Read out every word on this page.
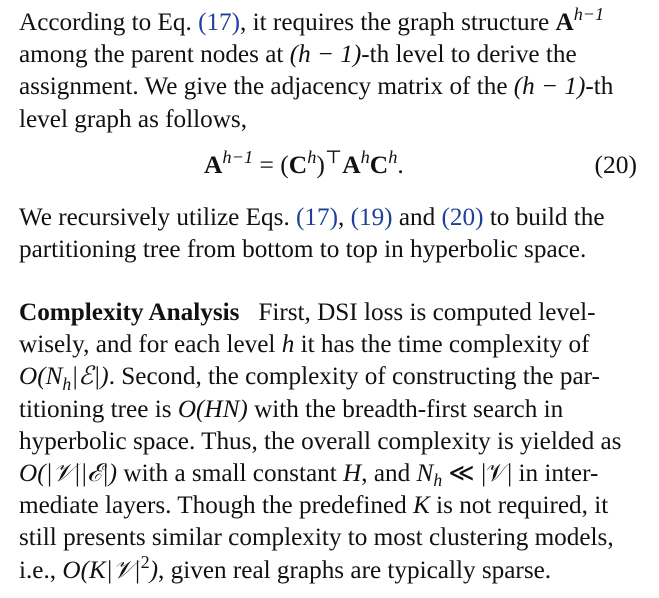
According to Eq. (17), it requires the graph structure $A^{h-1}$
among the parent nodes at (h − 1)-th level to derive the
assignment. We give the adjacency matrix of the (h − 1)-th
level graph as follows,
$A^{h-1} = (C^h)^⊤A^hC^h$.	(20)
We recursively utilize Eqs. (17), (19) and (20) to build the
partitioning tree from bottom to top in hyperbolic space.
Complexity Analysis   First, DSI loss is computed level-
wisely, and for each level h it has the time complexity of
$O(N_h|ℰ|)$. Second, the complexity of constructing the par-
titioning tree is O(HN) with the breadth-first search in
hyperbolic space. Thus, the overall complexity is yielded as
O(|𝒱||ℰ|) with a small constant H, and $N_h$ ≪ |𝒱| in inter-
mediate layers. Though the predefined K is not required, it
still presents similar complexity to most clustering models,
i.e., $O(K|𝒱|^2)$, given real graphs are typically sparse.
